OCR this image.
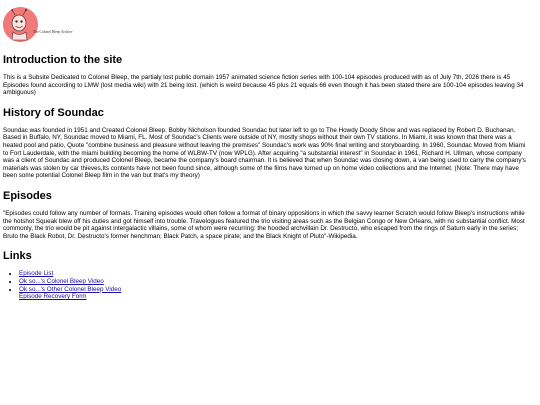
The Colonel Bleep Archive
Introduction to the site

This is a Subsite Dedicated to Colonel Bleep, the partialy lost public domain 1957 animated science fiction series with 100-104 episodes produced with as of July 7th, 2026 there is 45 Episodes found according to LMW (lost media wiki) with 21 being lost. (which is weird because 45 plus 21 equals 66 even though it has been stated there are 100-104 episodes leaving 34 ambiguous)

History of Soundac

Soundac was founded in 1951 and Created Colonel Bleep. Bobby Nicholson founded Soundac but later left to go to The Howdy Doody Show and was replaced by Robert D. Buchanan. Based in Buffalo, NY, Soundac moved to Miami, FL. Most of Soundac's Clients were outside of NY, mostly shops without their own TV stations. In Miami, it was known that there was a heated pool and patio, Quote "combine business and pleasure without leaving the premises" Soundac's work was 90% final writing and storyboarding. In 1960, Soundac Moved from Miami to Fort Lauderdale, with the miami building becoming the home of WLBW-TV (now WPLG). After acquiring "a substantial interest" in Soundac in 1961, Richard H. Ullman, whose company was a client of Soundac and produced Colonel Bleep, became the company's board chairman. It is believed that when Soundac was closing down, a van being used to carry the company's materials was stolen by car thieves,Its contents have not been found since, although some of the films have turned up on home video collections and the Internet. (Note: There may have been some potential Colonel Bleep film in the van but that's my theory)

Episodes

"Episodes could follow any number of formats. Training episodes would often follow a format of binary oppositions in which the savvy learner Scratch would follow Bleep's instructions while the hotshot Squeak blew off his duties and got himself into trouble. Travelogues featured the trio visiting areas such as the Belgian Congo or New Orleans, with no substantial conflict. Most commonly, the trio would be pit against intergalactic villains, some of whom were recurring: the hooded archvillain Dr. Destructo, who escaped from the rings of Saturn early in the series; Bruto the Black Robot, Dr. Destructo's former henchman; Black Patch, a space pirate; and the Black Knight of Pluto"-Wikipedia.

Links
• Episode List
• Ok so...'s Colonel Bleep Video
• Ok so...'s Other Colonel Bleep Video
Episode Recovery Form
